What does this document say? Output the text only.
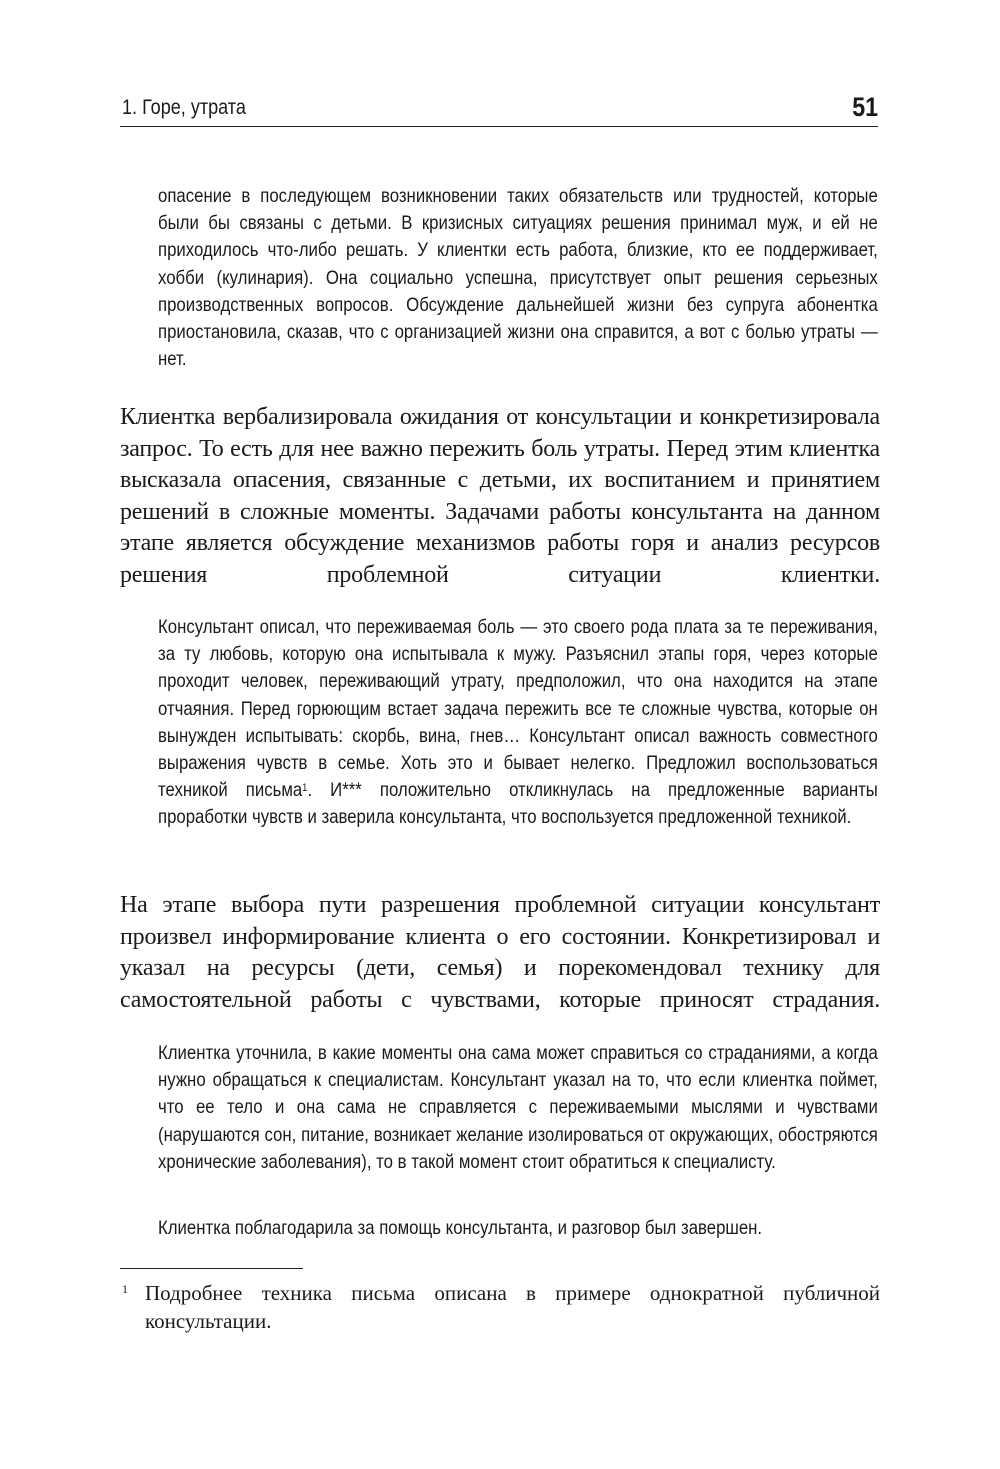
1. Горе, утрата	51

опасение в последующем возникновении таких обязательств или трудностей, которые были бы связаны с детьми. В кризисных ситуациях решения принимал муж, и ей не приходилось что-либо решать. У клиентки есть работа, близкие, кто ее поддерживает, хобби (кулинария). Она социально успешна, присутствует опыт решения серьезных производственных вопросов. Обсуждение дальнейшей жизни без супруга абонентка приостановила, сказав, что с организацией жизни она справится, а вот с болью утраты — нет.

Клиентка вербализировала ожидания от консультации и конкретизировала запрос. То есть для нее важно пережить боль утраты. Перед этим клиентка высказала опасения, связанные с детьми, их воспитанием и принятием решений в сложные моменты. Задачами работы консультанта на данном этапе является обсуждение механизмов работы горя и анализ ресурсов решения проблемной ситуации клиентки.

Консультант описал, что переживаемая боль — это своего рода плата за те переживания, за ту любовь, которую она испытывала к мужу. Разъяснил этапы горя, через которые проходит человек, переживающий утрату, предположил, что она находится на этапе отчаяния. Перед горюющим встает задача пережить все те сложные чувства, которые он вынужден испытывать: скорбь, вина, гнев… Консультант описал важность совместного выражения чувств в семье. Хоть это и бывает нелегко. Предложил воспользоваться техникой письма$^1$. И*** положительно откликнулась на предложенные варианты проработки чувств и заверила консультанта, что воспользуется предложенной техникой.

На этапе выбора пути разрешения проблемной ситуации консультант произвел информирование клиента о его состоянии. Конкретизировал и указал на ресурсы (дети, семья) и порекомендовал технику для самостоятельной работы с чувствами, которые приносят страдания.

Клиентка уточнила, в какие моменты она сама может справиться со страданиями, а когда нужно обращаться к специалистам. Консультант указал на то, что если клиентка поймет, что ее тело и она сама не справляется с переживаемыми мыслями и чувствами (нарушаются сон, питание, возникает желание изолироваться от окружающих, обостряются хронические заболевания), то в такой момент стоит обратиться к специалисту.

Клиентка поблагодарила за помощь консультанта, и разговор был завершен.

1 Подробнее техника письма описана в примере однократной публичной консультации.
